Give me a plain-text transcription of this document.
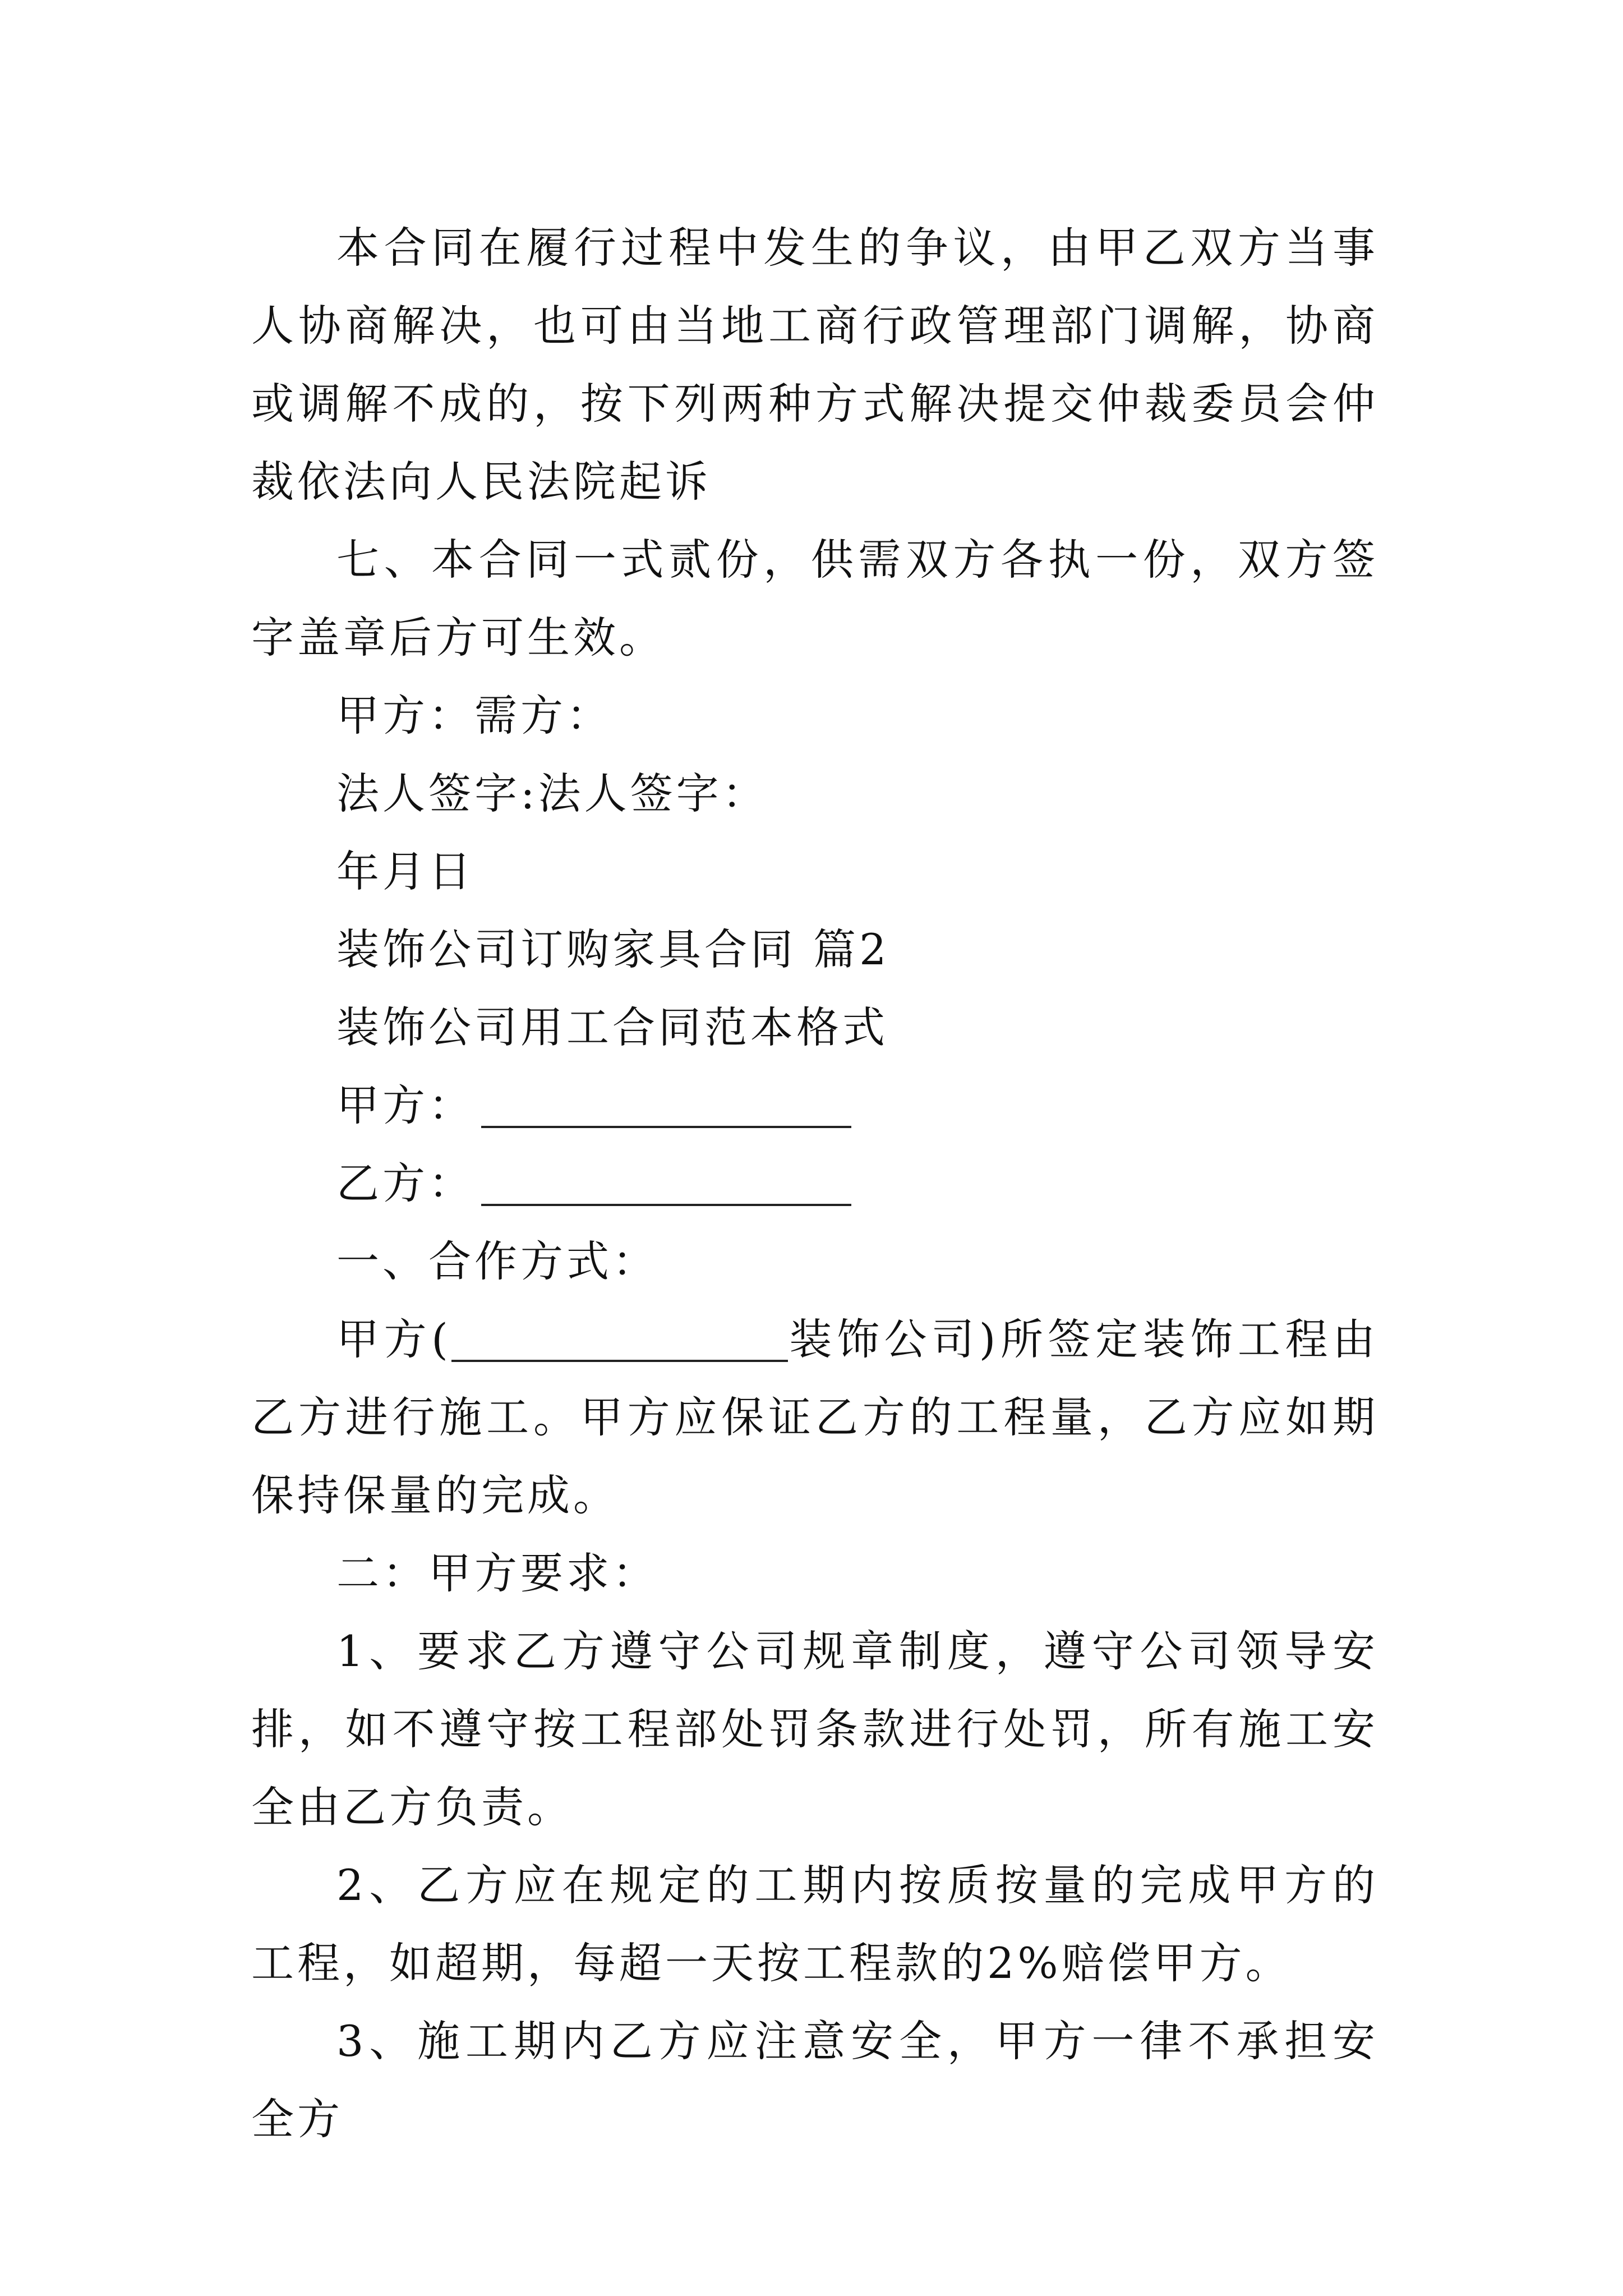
本合同在履行过程中发生的争议，由甲乙双方当事人协商解决，也可由当地工商行政管理部门调解，协商或调解不成的，按下列两种方式解决提交仲裁委员会仲裁依法向人民法院起诉

七、本合同一式贰份，供需双方各执一份，双方签字盖章后方可生效。

甲方：需方：

法人签字:法人签字：

年月日

装饰公司订购家具合同 篇2

装饰公司用工合同范本格式

甲方：

乙方：

一、合作方式：

甲方(	装饰公司)所签定装饰工程由乙方进行施工。甲方应保证乙方的工程量，乙方应如期保持保量的完成。

二：甲方要求：

1、要求乙方遵守公司规章制度，遵守公司领导安排，如不遵守按工程部处罚条款进行处罚，所有施工安全由乙方负责。

2、乙方应在规定的工期内按质按量的完成甲方的工程，如超期，每超一天按工程款的2%赔偿甲方。

3、施工期内乙方应注意安全，甲方一律不承担安全方
